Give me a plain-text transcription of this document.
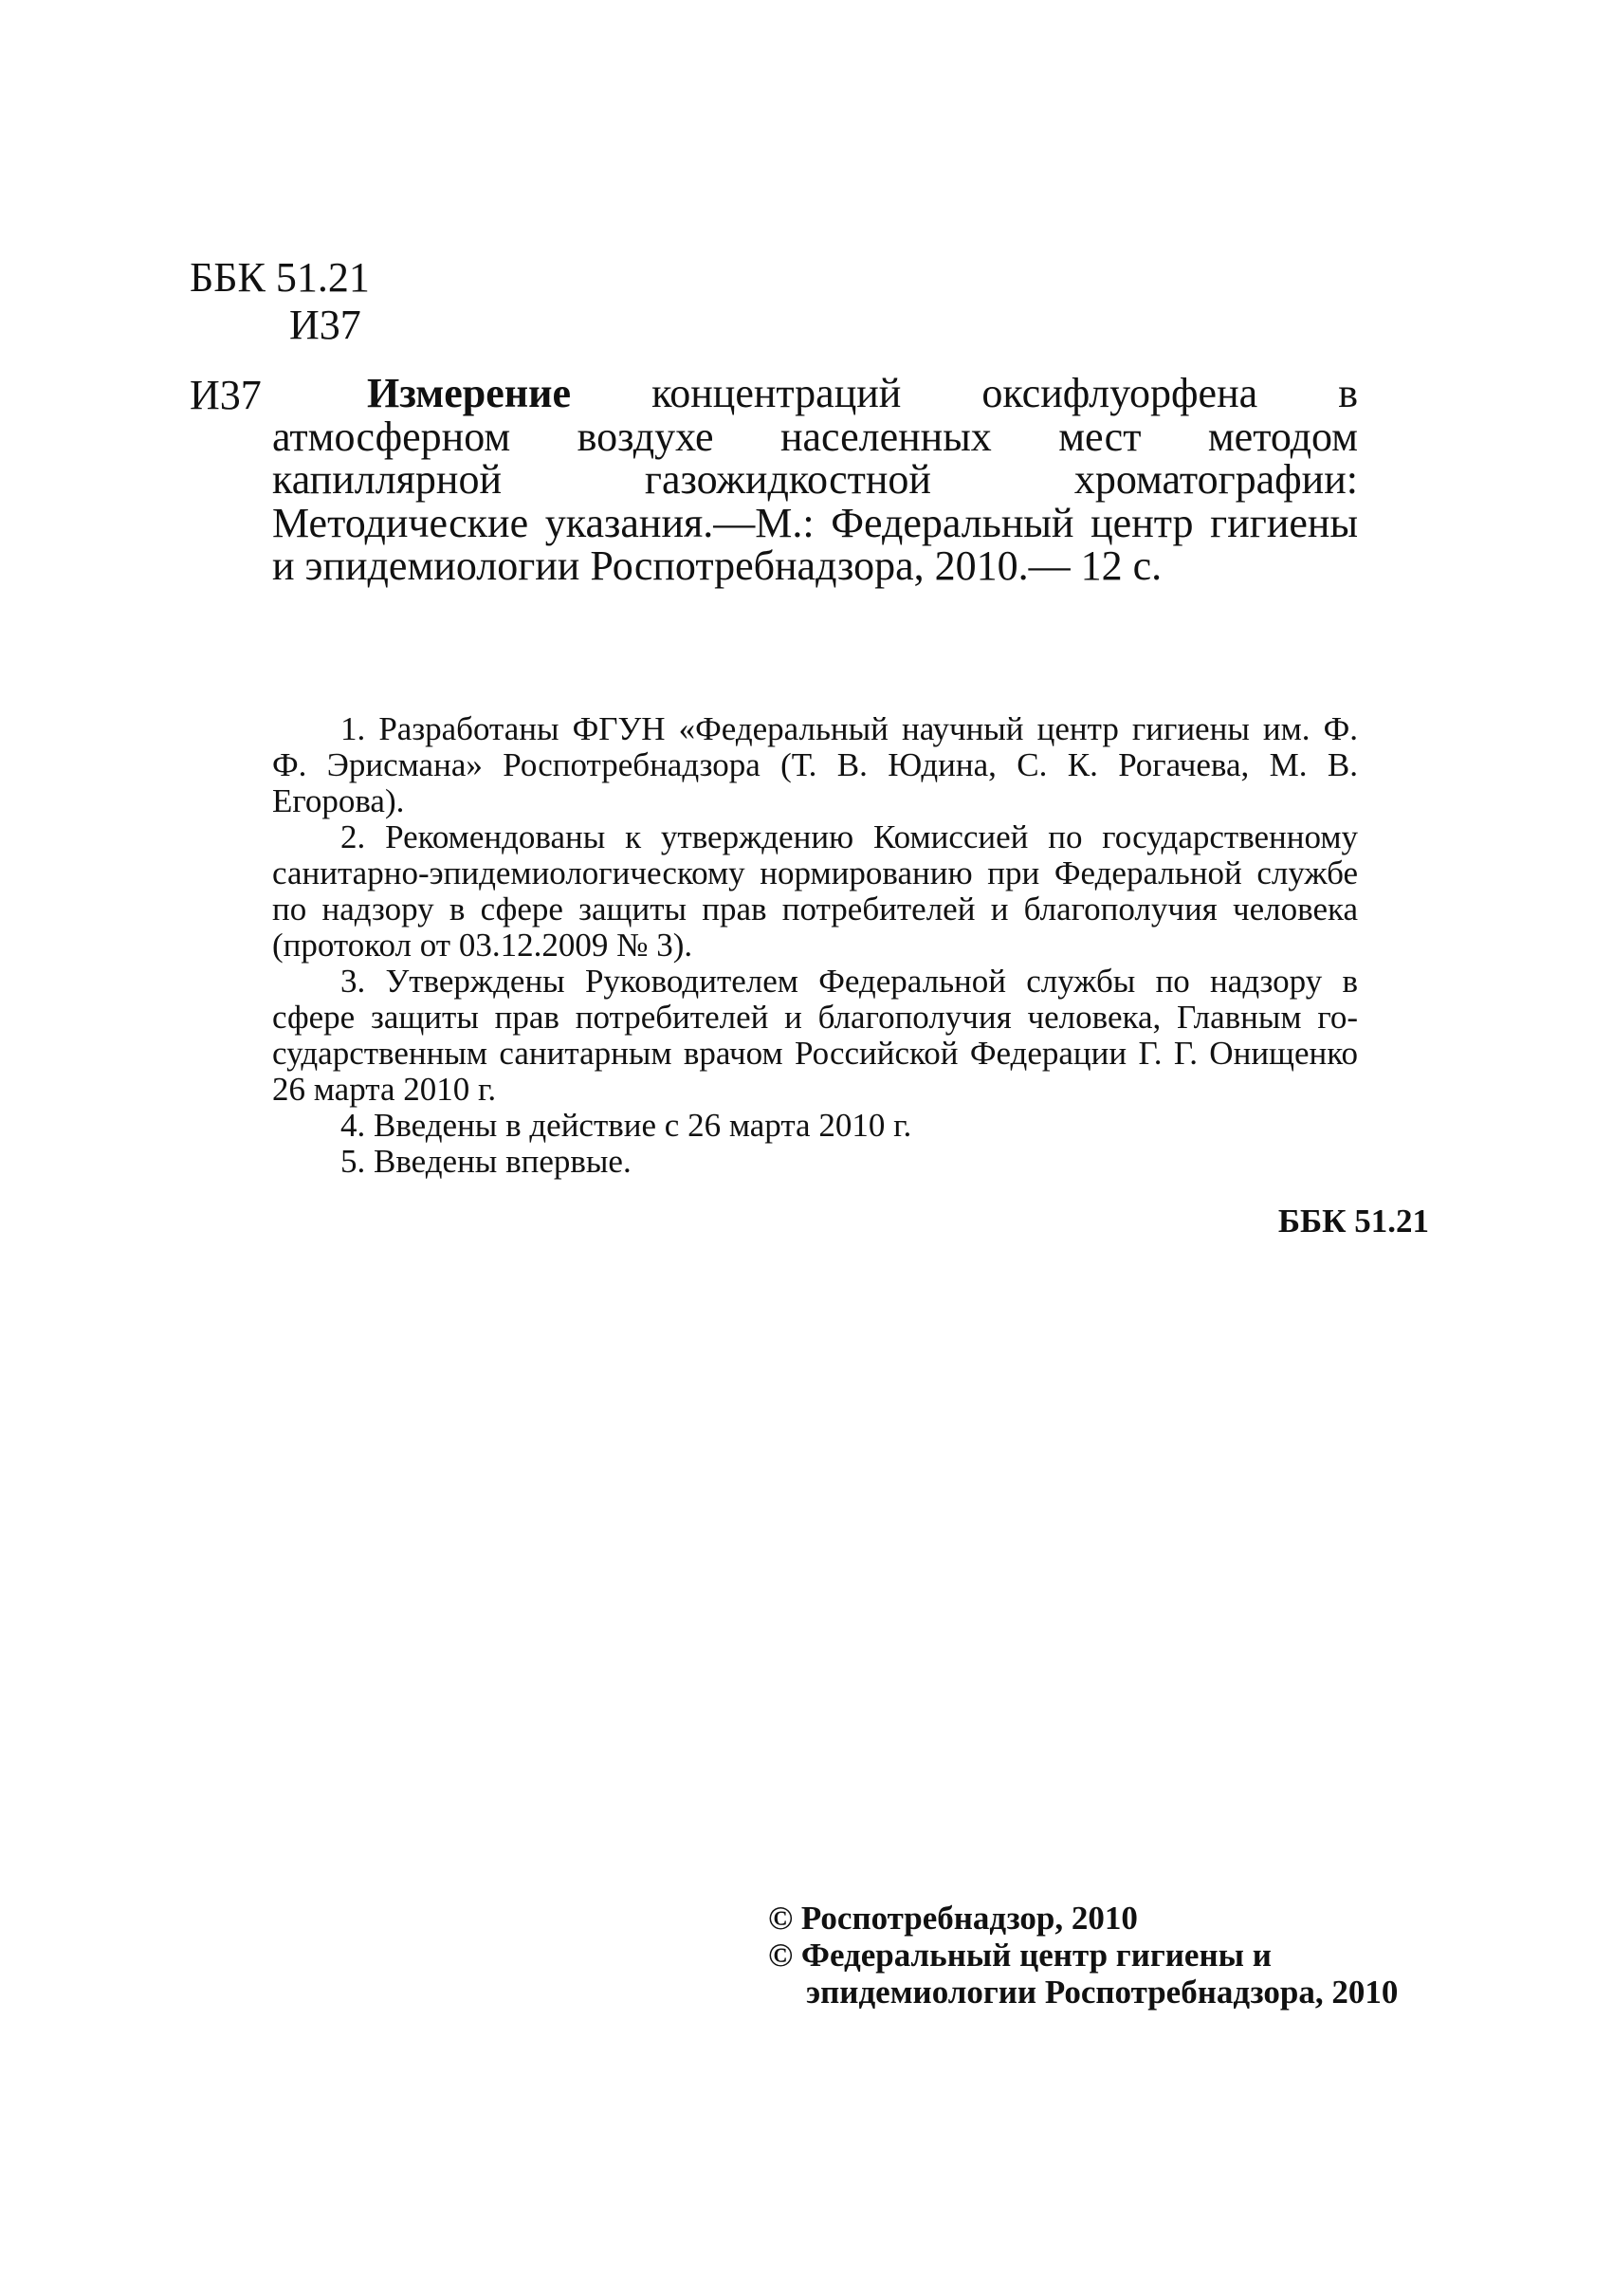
ББК 51.21
И37
И37	Измерение концентраций оксифлуорфена в атмосферном воздухе населенных мест методом капиллярной газожидкостной хроматографии: Методические указания.—М.: Федеральный центр гигиены и эпидемиологии Роспотребнадзора, 2010.— 12 с.

1. Разработаны ФГУН «Федеральный научный центр гигиены им. Ф. Ф. Эрисмана» Роспотребнадзора (Т. В. Юдина, С. К. Рогачева, М. В. Егорова).

2. Рекомендованы к утверждению Комиссией по государственному санитарно-эпидемиологическому нормированию при Федеральной службе по надзору в сфере защиты прав потребителей и благополучия человека (протокол от 03.12.2009 № 3).

3. Утверждены Руководителем Федеральной службы по надзору в сфере защиты прав потребителей и благополучия человека, Главным государственным санитарным врачом Российской Федерации Г. Г. Онищенко 26 марта 2010 г.

4. Введены в действие с 26 марта 2010 г.

5. Введены впервые.

ББК 51.21
© Роспотребнадзор, 2010
© Федеральный центр гигиены и
эпидемиологии Роспотребнадзора, 2010
